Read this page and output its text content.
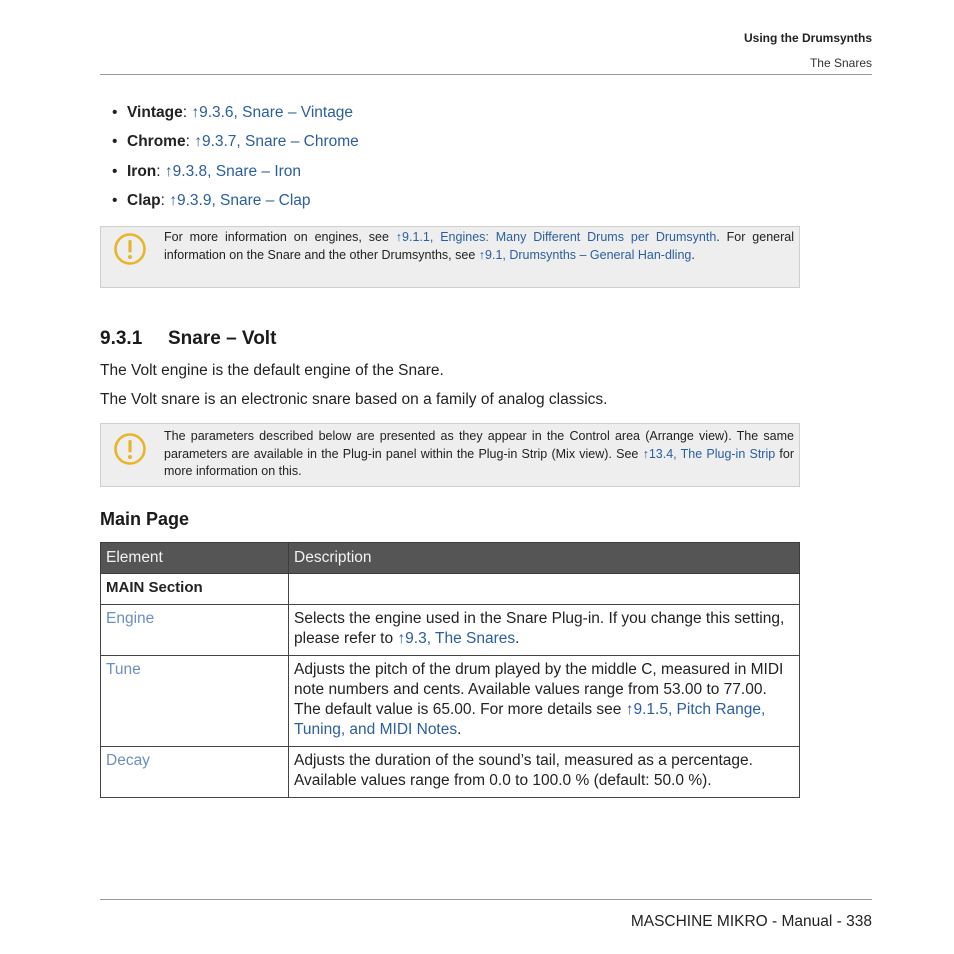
Using the Drumsynths
The Snares
• Vintage: ↑9.3.6, Snare – Vintage
• Chrome: ↑9.3.7, Snare – Chrome
• Iron: ↑9.3.8, Snare – Iron
• Clap: ↑9.3.9, Snare – Clap
For more information on engines, see ↑9.1.1, Engines: Many Different Drums per Drumsynth. For general information on the Snare and the other Drumsynths, see ↑9.1, Drumsynths – General Han-dling.
9.3.1 Snare – Volt
The Volt engine is the default engine of the Snare.
The Volt snare is an electronic snare based on a family of analog classics.
The parameters described below are presented as they appear in the Control area (Arrange view). The same parameters are available in the Plug-in panel within the Plug-in Strip (Mix view). See ↑13.4, The Plug-in Strip for more information on this.
Main Page
Element	Description
MAIN Section	
Engine	Selects the engine used in the Snare Plug-in. If you change this setting, please refer to ↑9.3, The Snares.
Tune	Adjusts the pitch of the drum played by the middle C, measured in MIDI note numbers and cents. Available values range from 53.00 to 77.00. The default value is 65.00. For more details see ↑9.1.5, Pitch Range, Tuning, and MIDI Notes.
Decay	Adjusts the duration of the sound’s tail, measured as a percentage. Available values range from 0.0 to 100.0 % (default: 50.0 %).
MASCHINE MIKRO - Manual - 338
